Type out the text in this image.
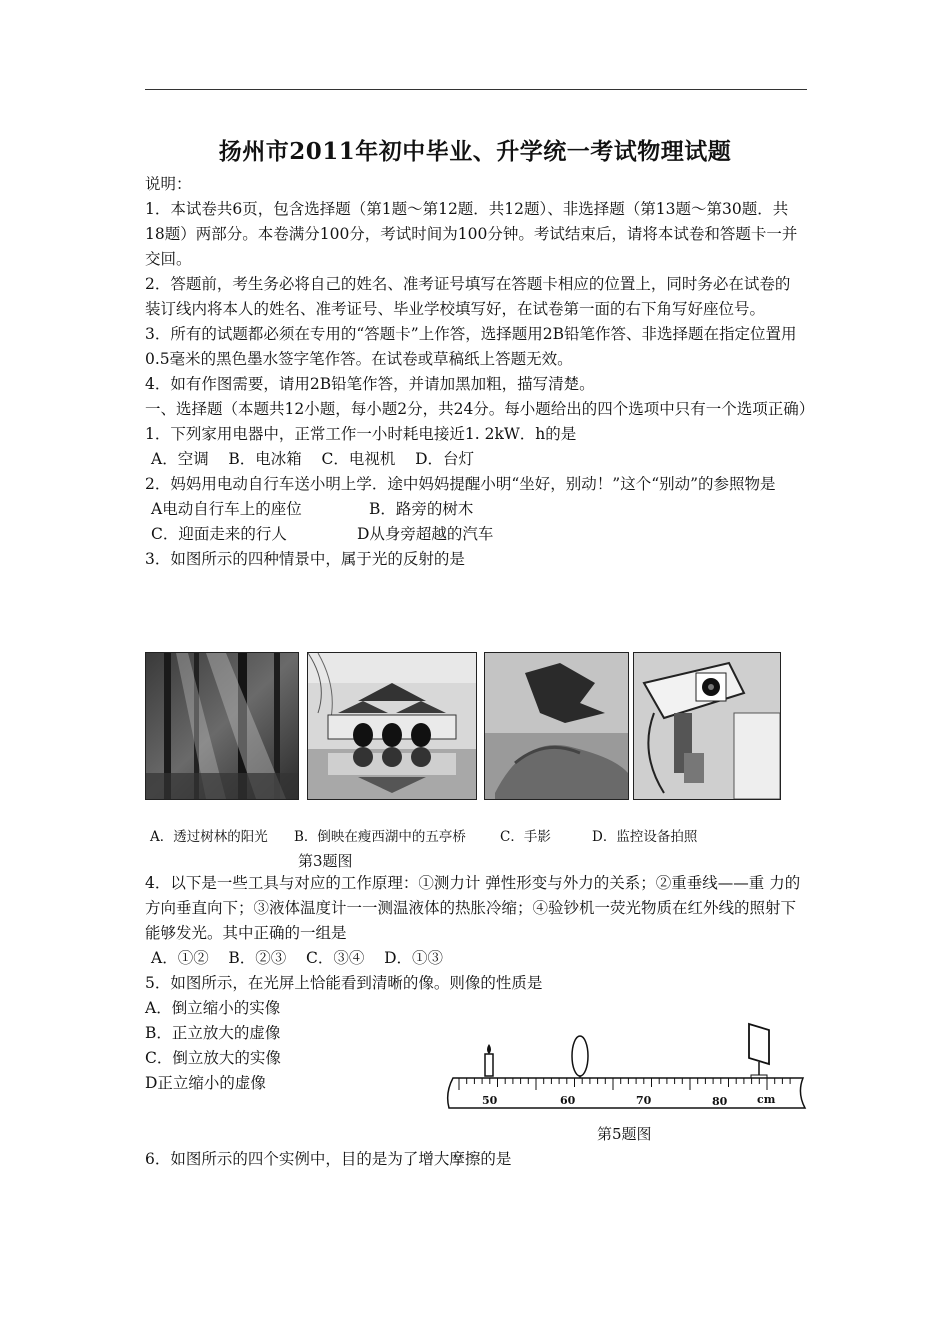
扬州市2011年初中毕业、升学统一考试物理试题

说明：

1．本试卷共6页，包含选择题（第1题～第12题．共12题）、非选择题（第13题～第30题．共18题）两部分。本卷满分100分，考试时间为100分钟。考试结束后，请将本试卷和答题卡一并交回。

2．答题前，考生务必将自己的姓名、准考证号填写在答题卡相应的位置上，同时务必在试卷的 装订线内将本人的姓名、准考证号、毕业学校填写好，在试卷第一面的右下角写好座位号。

3．所有的试题都必须在专用的“答题卡”上作答，选择题用2B铅笔作答、非选择题在指定位置用0.5毫米的黑色墨水签字笔作答。在试卷或草稿纸上答题无效。

4．如有作图需要，请用2B铅笔作答，并请加黑加粗，描写清楚。

一、选择题（本题共12小题，每小题2分，共24分。每小题给出的四个选项中只有一个选项正确）

1．下列家用电器中，正常工作一小时耗电接近1. 2kW．h的是

A．空调    B．电冰箱    C．电视机    D．台灯

2．妈妈用电动自行车送小明上学．途中妈妈提醒小明“坐好，别动！”这个“别动”的参照物是

A电动自行车上的座位	B．路旁的树木

C．迎面走来的行人	D从身旁超越的汽车

3．如图所示的四种情景中，属于光的反射的是

A．透过树林的阳光 B．倒映在瘦西湖中的五亭桥	C．手影	D．监控设备拍照
第3题图

4．以下是一些工具与对应的工作原理：①测力计 弹性形变与外力的关系；②重垂线——重 力的方向垂直向下；③液体温度计一一测温液体的热胀冷缩；④验钞机一荧光物质在红外线的照射下能够发光。其中正确的一组是

A．①②    B．②③    C．③④    D．①③

5．如图所示，在光屏上恰能看到清晰的像。则像的性质是

A．倒立缩小的实像

B．正立放大的虚像

C．倒立放大的实像

D正立缩小的虚像

50	60	70	80	cm
第5题图
6．如图所示的四个实例中，目的是为了增大摩擦的是
